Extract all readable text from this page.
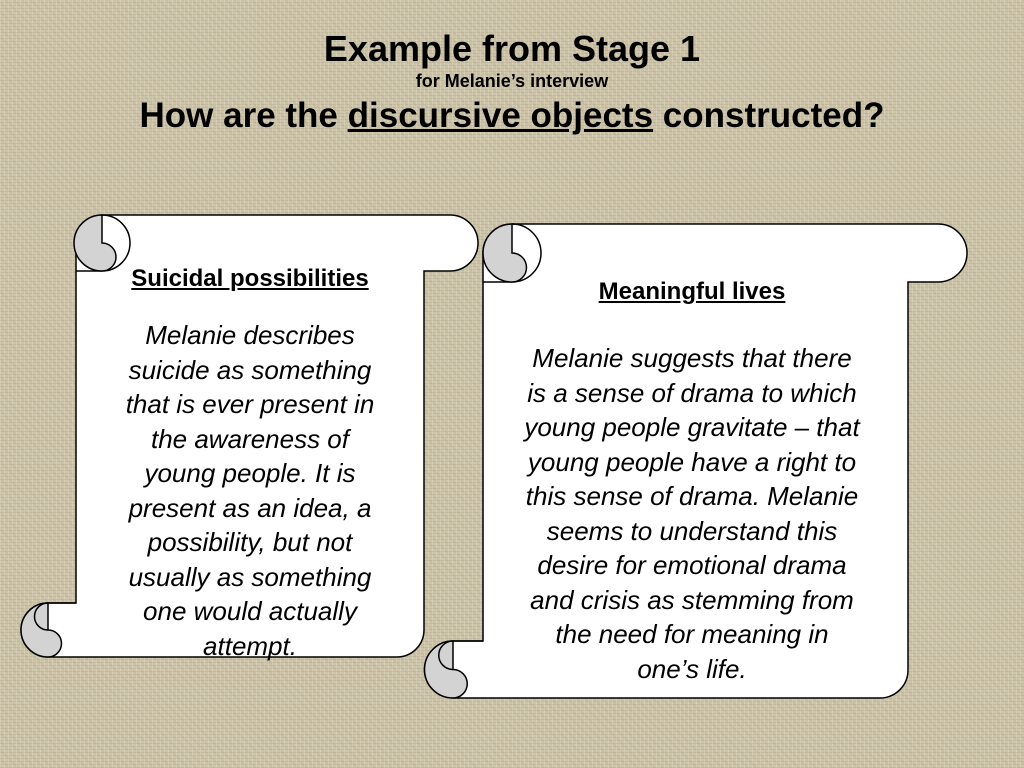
Example from Stage 1
for Melanie’s interview
How are the discursive objects constructed?
Suicidal possibilities
Melanie describes
suicide as something
that is ever present in
the awareness of
young people. It is
present as an idea, a
possibility, but not
usually as something
one would actually
attempt.
Meaningful lives
Melanie suggests that there
is a sense of drama to which
young people gravitate – that
young people have a right to
this sense of drama. Melanie
seems to understand this
desire for emotional drama
and crisis as stemming from
the need for meaning in
one’s life.
